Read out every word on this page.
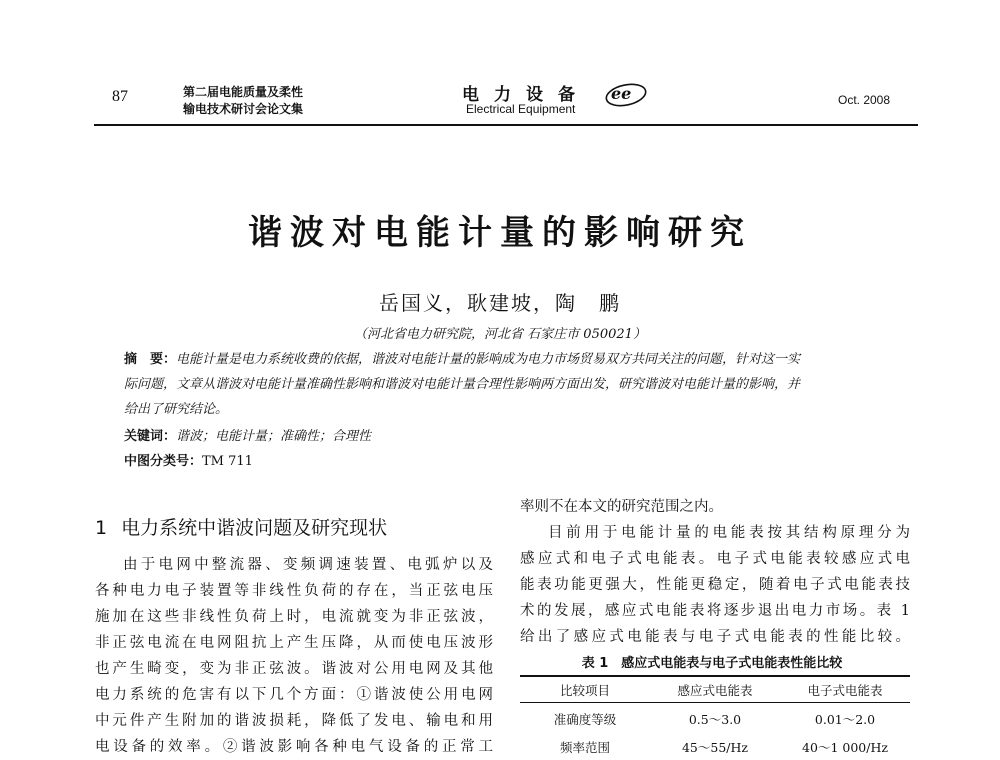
87	第二届电能质量及柔性
输电技术研讨会论文集
电力设备
Electrical Equipment
ee	Oct. 2008
谐波对电能计量的影响研究
岳国义，耿建坡，陶　鹏
（河北省电力研究院，河北省 石家庄市 050021）
摘　要：电能计量是电力系统收费的依据，谐波对电能计量的影响成为电力市场贸易双方共同关注的问题，针对这一实
际问题，文章从谐波对电能计量准确性影响和谐波对电能计量合理性影响两方面出发，研究谐波对电能计量的影响，并
给出了研究结论。
关键词：谐波；电能计量；准确性；合理性
中图分类号：TM 711
1 电力系统中谐波问题及研究现状
由于电网中整流器、变频调速装置、电弧炉以及
各种电力电子装置等非线性负荷的存在，当正弦电压
施加在这些非线性负荷上时，电流就变为非正弦波，
非正弦电流在电网阻抗上产生压降，从而使电压波形
也产生畸变，变为非正弦波。谐波对公用电网及其他
电力系统的危害有以下几个方面：①谐波使公用电网
中元件产生附加的谐波损耗，降低了发电、输电和用
电设备的效率。②谐波影响各种电气设备的正常工
率则不在本文的研究范围之内。
目前用于电能计量的电能表按其结构原理分为
感应式和电子式电能表。电子式电能表较感应式电
能表功能更强大，性能更稳定，随着电子式电能表技
术的发展，感应式电能表将逐步退出电力市场。表 1
给出了感应式电能表与电子式电能表的性能比较。
表 1　感应式电能表与电子式电能表性能比较
比较项目	感应式电能表	电子式电能表
准确度等级	0.5～3.0	0.01～2.0
频率范围	45～55/Hz	40～1 000/Hz
